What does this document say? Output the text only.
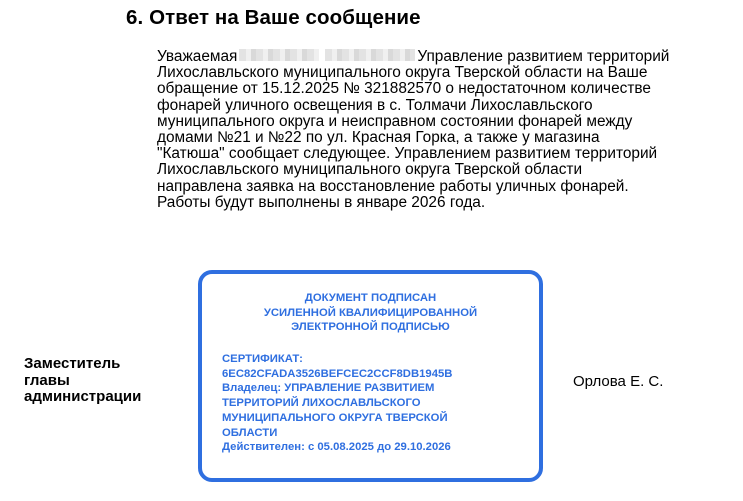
6. Ответ на Ваше сообщение
Уважаемая	Управление развитием территорий
Лихославльского муниципального округа Тверской области на Ваше
обращение от 15.12.2025 № 321882570 о недостаточном количестве
фонарей уличного освещения в с. Толмачи Лихославльского
муниципального округа и неисправном состоянии фонарей между
домами №21 и №22 по ул. Красная Горка, а также у магазина
"Катюша" сообщает следующее. Управлением развитием территорий
Лихославльского муниципального округа Тверской области
направлена заявка на восстановление работы уличных фонарей.
Работы будут выполнены в январе 2026 года.
Заместитель
главы
администрации
ДОКУМЕНТ ПОДПИСАН
УСИЛЕННОЙ КВАЛИФИЦИРОВАННОЙ
ЭЛЕКТРОННОЙ ПОДПИСЬЮ
СЕРТИФИКАТ:
6EC82CFADA3526BEFCEC2CCF8DB1945B
Владелец: УПРАВЛЕНИЕ РАЗВИТИЕМ
ТЕРРИТОРИЙ ЛИХОСЛАВЛЬСКОГО
МУНИЦИПАЛЬНОГО ОКРУГА ТВЕРСКОЙ
ОБЛАСТИ
Действителен: с 05.08.2025 до 29.10.2026

Орлова Е. С.
